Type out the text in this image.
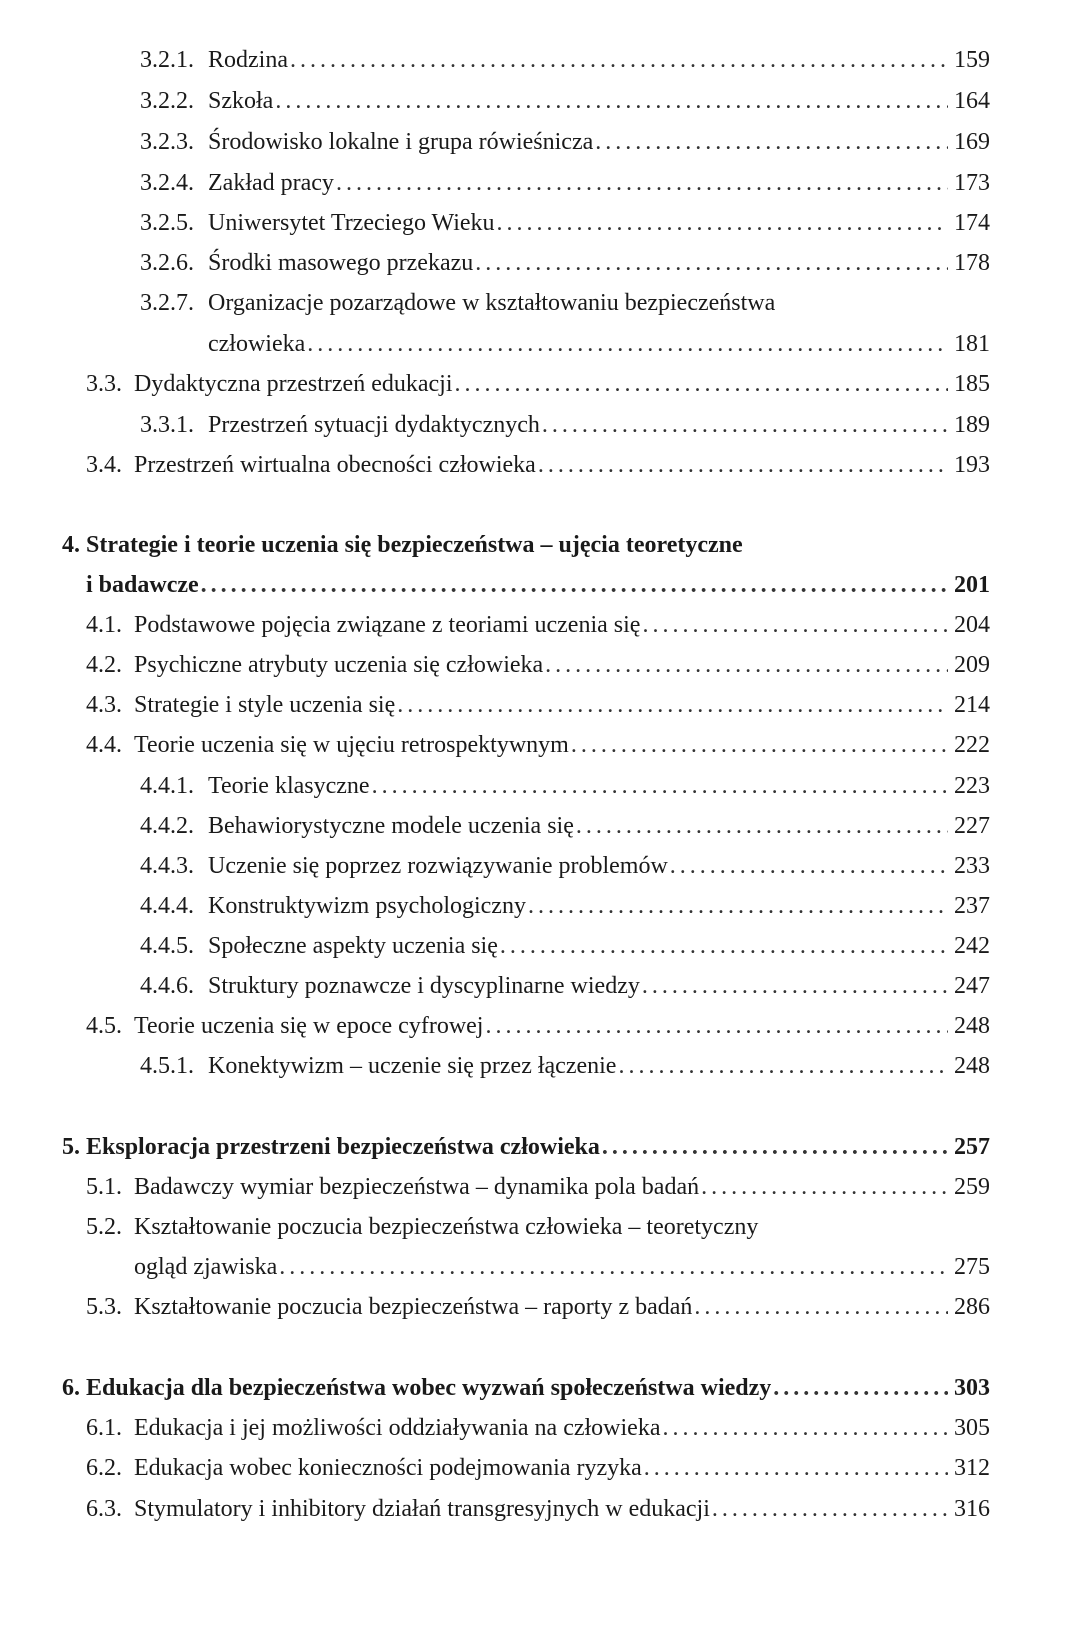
3.2.1. Rodzina . . .	159
3.2.2. Szkoła . . .	164
3.2.3. Środowisko lokalne i grupa rówieśnicza . . .	169
3.2.4. Zakład pracy . . .	173
3.2.5. Uniwersytet Trzeciego Wieku . . .	174
3.2.6. Środki masowego przekazu . . .	178
3.2.7. Organizacje pozarządowe w kształtowaniu bezpieczeństwa
człowieka . . .	181
3.3. Dydaktyczna przestrzeń edukacji . . .	185
3.3.1. Przestrzeń sytuacji dydaktycznych . . .	189
3.4. Przestrzeń wirtualna obecności człowieka . . .	193
4. Strategie i teorie uczenia się bezpieczeństwa – ujęcia teoretyczne
i badawcze . . .	201
4.1. Podstawowe pojęcia związane z teoriami uczenia się . . .	204
4.2. Psychiczne atrybuty uczenia się człowieka . . .	209
4.3. Strategie i style uczenia się . . .	214
4.4. Teorie uczenia się w ujęciu retrospektywnym . . .	222
4.4.1. Teorie klasyczne . . .	223
4.4.2. Behawiorystyczne modele uczenia się . . .	227
4.4.3. Uczenie się poprzez rozwiązywanie problemów . . .	233
4.4.4. Konstruktywizm psychologiczny . . .	237
4.4.5. Społeczne aspekty uczenia się . . .	242
4.4.6. Struktury poznawcze i dyscyplinarne wiedzy . . .	247
4.5. Teorie uczenia się w epoce cyfrowej . . .	248
4.5.1. Konektywizm – uczenie się przez łączenie . . .	248
5. Eksploracja przestrzeni bezpieczeństwa człowieka . . .	257
5.1. Badawczy wymiar bezpieczeństwa – dynamika pola badań . . .	259
5.2. Kształtowanie poczucia bezpieczeństwa człowieka – teoretyczny
ogląd zjawiska . . .	275
5.3. Kształtowanie poczucia bezpieczeństwa – raporty z badań . . .	286
6. Edukacja dla bezpieczeństwa wobec wyzwań społeczeństwa wiedzy . . .	303
6.1. Edukacja i jej możliwości oddziaływania na człowieka . . .	305
6.2. Edukacja wobec konieczności podejmowania ryzyka . . .	312
6.3. Stymulatory i inhibitory działań transgresyjnych w edukacji . . .	316
